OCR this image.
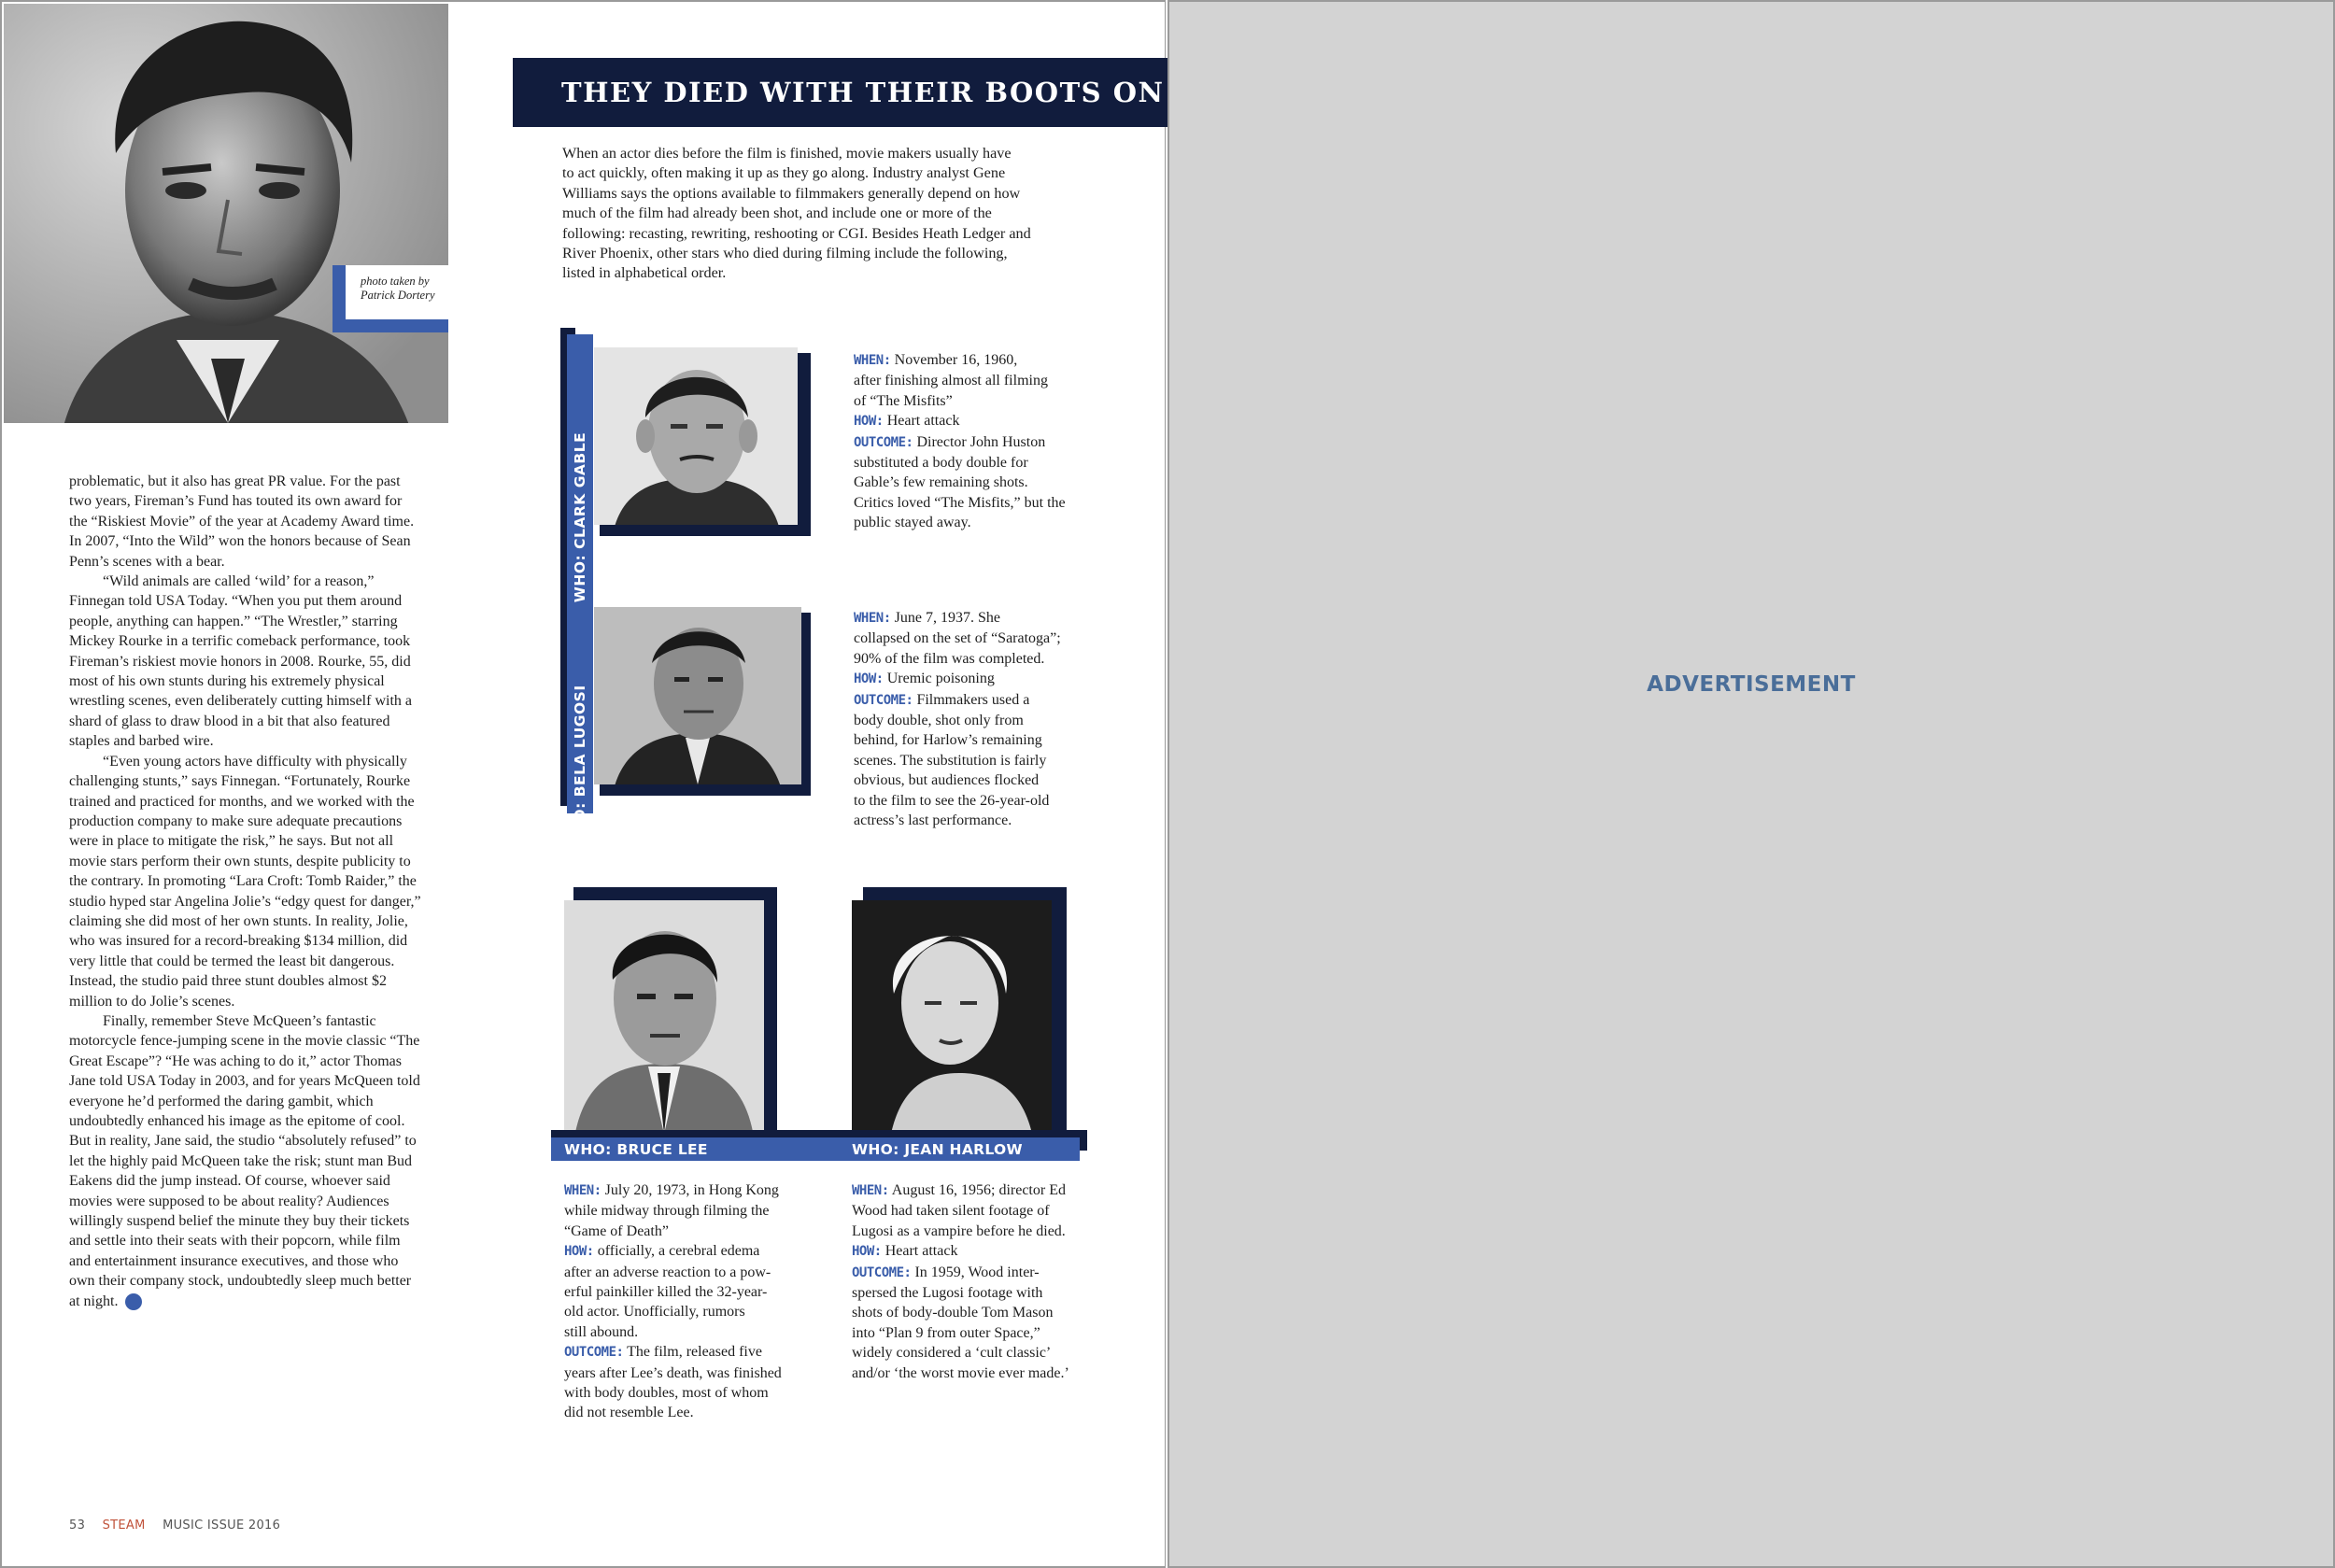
photo taken by
Patrick Dortery

problematic, but it also has great PR value. For the past two years, Fireman’s Fund has touted its own award for the “Riskiest Movie” of the year at Academy Award time. In 2007, “Into the Wild” won the honors because of Sean Penn’s scenes with a bear.

“Wild animals are called ‘wild’ for a reason,” Finnegan told USA Today. “When you put them around people, anything can happen.” “The Wrestler,” starring Mickey Rourke in a terrific comeback performance, took Fireman’s riskiest movie honors in 2008. Rourke, 55, did most of his own stunts during his extremely physical wrestling scenes, even deliberately cutting himself with a shard of glass to draw blood in a bit that also featured staples and barbed wire.

“Even young actors have difficulty with physically challenging stunts,” says Finnegan. “Fortunately, Rourke trained and practiced for months, and we worked with the production company to make sure adequate precautions were in place to mitigate the risk,” he says. But not all movie stars perform their own stunts, despite publicity to the contrary. In promoting “Lara Croft: Tomb Raider,” the studio hyped star Angelina Jolie’s “edgy quest for danger,” claiming she did most of her own stunts. In reality, Jolie, who was insured for a record-breaking $134 million, did very little that could be termed the least bit dangerous. Instead, the studio paid three stunt doubles almost $2 million to do Jolie’s scenes.

Finally, remember Steve McQueen’s fantastic motorcycle fence-jumping scene in the movie classic “The Great Escape”? “He was aching to do it,” actor Thomas Jane told USA Today in 2003, and for years McQueen told everyone he’d performed the daring gambit, which undoubtedly enhanced his image as the epitome of cool. But in reality, Jane said, the studio “absolutely refused” to let the highly paid McQueen take the risk; stunt man Bud Eakens did the jump instead. Of course, whoever said movies were supposed to be about reality? Audiences willingly suspend belief the minute they buy their tickets and settle into their seats with their popcorn, while film and entertainment insurance executives, and those who own their company stock, undoubtedly sleep much better at night.	S

53 STEAM MUSIC ISSUE 2016
THEY DIED WITH THEIR BOOTS ON
When an actor dies before the film is finished, movie makers usually have
to act quickly, often making it up as they go along. Industry analyst Gene
Williams says the options available to filmmakers generally depend on how
much of the film had already been shot, and include one or more of the
following: recasting, rewriting, reshooting or CGI. Besides Heath Ledger and
River Phoenix, other stars who died during filming include the following,
listed in alphabetical order.
WHO: CLARK GABLE
WHO: BELA LUGOSI
WHEN: November 16, 1960,
after finishing almost all filming
of “The Misfits”
HOW: Heart attack
OUTCOME: Director John Huston
substituted a body double for
Gable’s few remaining shots.
Critics loved “The Misfits,” but the
public stayed away.
WHEN: June 7, 1937. She
collapsed on the set of “Saratoga”;
90% of the film was completed.
HOW: Uremic poisoning
OUTCOME: Filmmakers used a
body double, shot only from
behind, for Harlow’s remaining
scenes. The substitution is fairly
obvious, but audiences flocked
to the film to see the 26-year-old
actress’s last performance.
WHO: BRUCE LEE	WHO: JEAN HARLOW
WHEN: July 20, 1973, in Hong Kong
while midway through filming the
“Game of Death”
HOW: officially, a cerebral edema
after an adverse reaction to a pow-
erful painkiller killed the 32-year-
old actor. Unofficially, rumors
still abound.
OUTCOME: The film, released five
years after Lee’s death, was finished
with body doubles, most of whom
did not resemble Lee.
WHEN: August 16, 1956; director Ed
Wood had taken silent footage of
Lugosi as a vampire before he died.
HOW: Heart attack
OUTCOME: In 1959, Wood inter-
spersed the Lugosi footage with
shots of body-double Tom Mason
into “Plan 9 from outer Space,”
widely considered a ‘cult classic’
and/or ‘the worst movie ever made.’
ADVERTISEMENT
